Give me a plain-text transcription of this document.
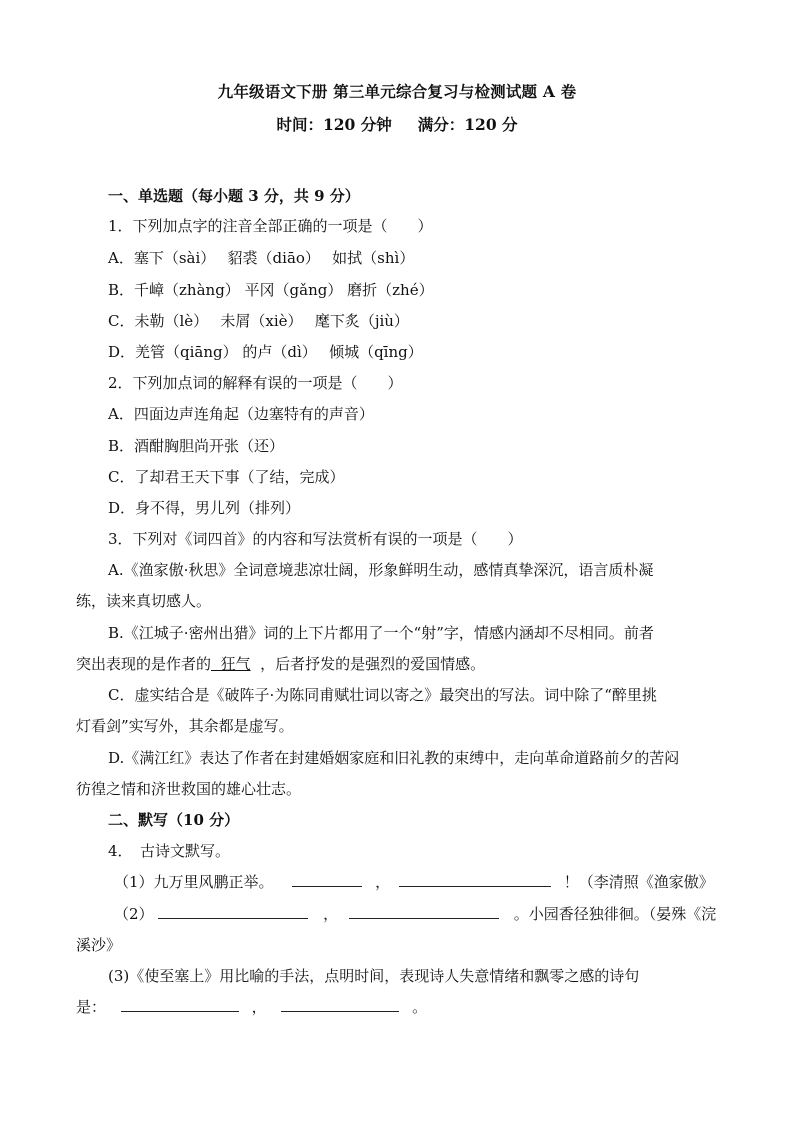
九年级语文下册 第三单元综合复习与检测试题 A 卷
时间：120 分钟 满分：120 分
一、单选题（每小题 3 分，共 9 分）
1．下列加点字的注音全部正确的一项是（　　）
A．塞下（sài）　 貂裘（diāo）　 如拭（shì）
B．千嶂（zhàng） 平冈（gǎng） 磨折（zhé）
C．未勒（lè）　 未屑（xiè）　 麾下炙（jiù）
D．羌管（qiāng） 的卢（dì）　 倾城（qīng）
2．下列加点词的解释有误的一项是（　　）
A．四面边声连角起（边塞特有的声音）
B．酒酣胸胆尚开张（还）
C．了却君王天下事（了结，完成）
D．身不得，男儿列（排列）
3．下列对《词四首》的内容和写法赏析有误的一项是（　　）
A.《渔家傲·秋思》全词意境悲凉壮阔，形象鲜明生动，感情真挚深沉，语言质朴凝
练，读来真切感人。
B.《江城子·密州出猎》词的上下片都用了一个“射”字，情感内涵却不尽相同。前者
突出表现的是作者的 狂气 ，后者抒发的是强烈的爱国情感。
C．虚实结合是《破阵子·为陈同甫赋壮词以寄之》最突出的写法。词中除了“醉里挑
灯看剑”实写外，其余都是虚写。
D.《满江红》表达了作者在封建婚姻家庭和旧礼教的束缚中，走向革命道路前夕的苦闷
彷徨之情和济世救国的雄心壮志。
二、默写（10 分）
4．　古诗文默写。
（1）九万里风鹏正举。	，	！（李清照《渔家傲》
（2）	，	。小园香径独徘徊。（晏殊《浣
溪沙》
(3)《使至塞上》用比喻的手法，点明时间，表现诗人失意情绪和飘零之感的诗句
是：	，	。
